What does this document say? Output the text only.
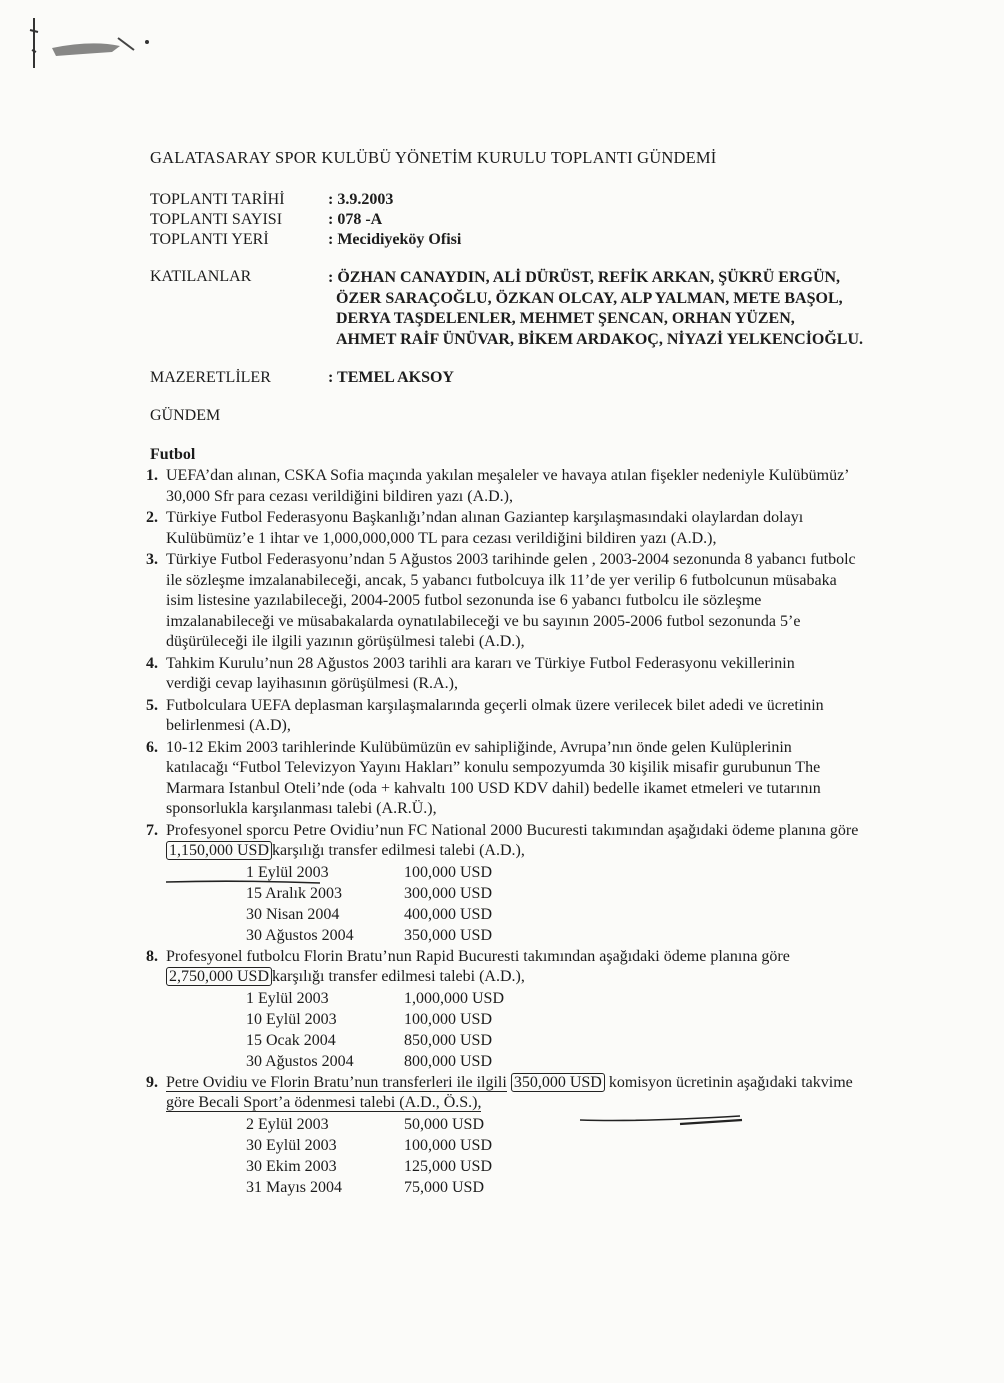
GALATASARAY SPOR KULÜBÜ YÖNETİM KURULU TOPLANTI GÜNDEMİ
TOPLANTI TARİHİ	: 3.9.2003
TOPLANTI SAYISI	: 078 -A
TOPLANTI YERİ	: Mecidiyeköy Ofisi
KATILANLAR	: ÖZHAN CANAYDIN, ALİ DÜRÜST, REFİK ARKAN, ŞÜKRÜ ERGÜN,
ÖZER SARAÇOĞLU, ÖZKAN OLCAY, ALP YALMAN, METE BAŞOL,
DERYA TAŞDELENLER, MEHMET ŞENCAN, ORHAN YÜZEN,
AHMET RAİF ÜNÜVAR, BİKEM ARDAKOÇ, NİYAZİ YELKENCİOĞLU.
MAZERETLİLER	: TEMEL AKSOY
GÜNDEM
Futbol
1. UEFA’dan alınan, CSKA Sofia maçında yakılan meşaleler ve havaya atılan fişekler nedeniyle Kulübümüz’
30,000 Sfr para cezası verildiğini bildiren yazı (A.D.),
2. Türkiye Futbol Federasyonu Başkanlığı’ndan alınan Gaziantep karşılaşmasındaki olaylardan dolayı
Kulübümüz’e 1 ihtar ve 1,000,000,000 TL para cezası verildiğini bildiren yazı (A.D.),
3. Türkiye Futbol Federasyonu’ndan 5 Ağustos 2003 tarihinde gelen , 2003-2004 sezonunda 8 yabancı futbolc
ile sözleşme imzalanabileceği, ancak, 5 yabancı futbolcuya ilk 11’de yer verilip 6 futbolcunun müsabaka
isim listesine yazılabileceği, 2004-2005 futbol sezonunda ise 6 yabancı futbolcu ile sözleşme
imzalanabileceği ve müsabakalarda oynatılabileceği ve bu sayının 2005-2006 futbol sezonunda 5’e
düşürüleceği ile ilgili yazının görüşülmesi talebi (A.D.),
4. Tahkim Kurulu’nun 28 Ağustos 2003 tarihli ara kararı ve Türkiye Futbol Federasyonu vekillerinin
verdiği cevap layihasının görüşülmesi (R.A.),
5. Futbolculara UEFA deplasman karşılaşmalarında geçerli olmak üzere verilecek bilet adedi ve ücretinin
belirlenmesi (A.D),
6. 10-12 Ekim 2003 tarihlerinde Kulübümüzün ev sahipliğinde, Avrupa’nın önde gelen Kulüplerinin
katılacağı “Futbol Televizyon Yayını Hakları” konulu sempozyumda 30 kişilik misafir gurubunun The
Marmara Istanbul Oteli’nde (oda + kahvaltı 100 USD KDV dahil) bedelle ikamet etmeleri ve tutarının
sponsorlukla karşılanması talebi (A.R.Ü.),
7. Profesyonel sporcu Petre Ovidiu’nun FC National 2000 Bucuresti takımından aşağıdaki ödeme planına göre
1,150,000 USD karşılığı transfer edilmesi talebi (A.D.),
1 Eylül 2003	100,000 USD
15 Aralık 2003	300,000 USD
30 Nisan 2004	400,000 USD
30 Ağustos 2004	350,000 USD
8. Profesyonel futbolcu Florin Bratu’nun Rapid Bucuresti takımından aşağıdaki ödeme planına göre
2,750,000 USD karşılığı transfer edilmesi talebi (A.D.),
1 Eylül 2003	1,000,000 USD
10 Eylül 2003	100,000 USD
15 Ocak 2004	850,000 USD
30 Ağustos 2004	800,000 USD
9. Petre Ovidiu ve Florin Bratu’nun transferleri ile ilgili 350,000 USD komisyon ücretinin aşağıdaki takvime
göre Becali Sport’a ödenmesi talebi (A.D., Ö.S.),
2 Eylül 2003	50,000 USD
30 Eylül 2003	100,000 USD
30 Ekim 2003	125,000 USD
31 Mayıs 2004	75,000 USD
